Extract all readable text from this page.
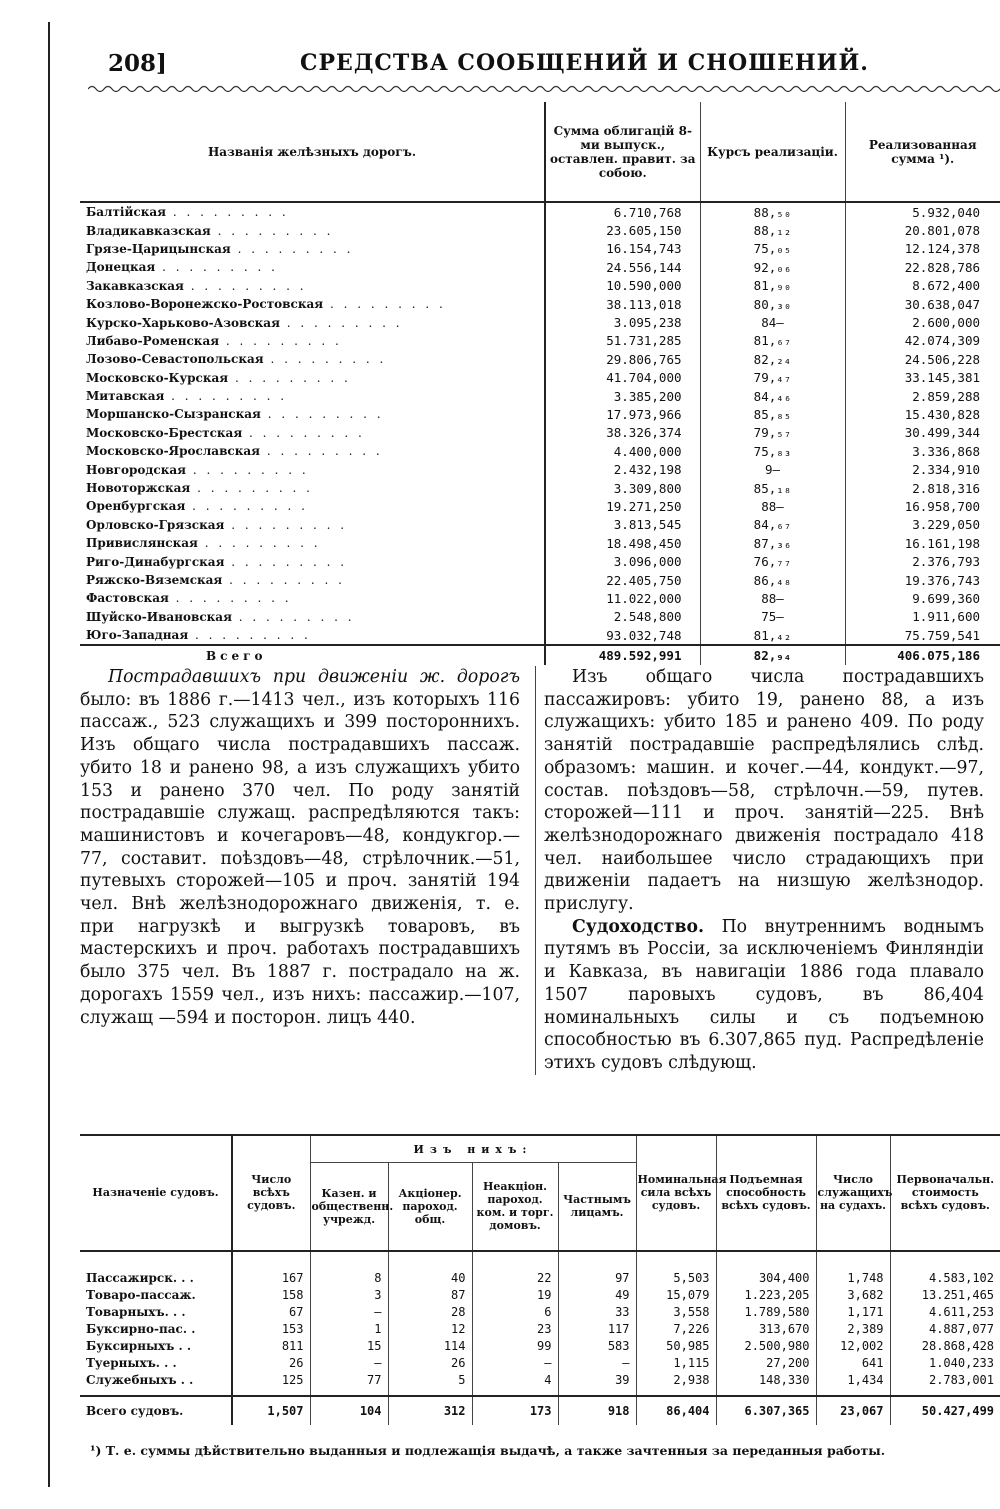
208]	СРЕДСТВА СООБЩЕНИЙ И СНОШЕНИЙ.
Названiя желѣзныхъ дорогъ.	Сумма облигацiй 8-ми выпуск., оставлен. правит. за собою.	Курсъ реализацiи.	Реализованная сумма ¹).
Балтiйская . . . . . . . . .	6.710,768	88,₅₀	5.932,040
Владикавказская . . . . . . . . .	23.605,150	88,₁₂	20.801,078
Грязе-Царицынская . . . . . . . . .	16.154,743	75,₀₅	12.124,378
Донецкая . . . . . . . . .	24.556,144	92,₀₆	22.828,786
Закавказская . . . . . . . . .	10.590,000	81,₉₀	8.672,400
Козлово-Воронежско-Ростовская . . . . . . . . .	38.113,018	80,₃₀	30.638,047
Курско-Харьково-Азовская . . . . . . . . .	3.095,238	84—	2.600,000
Либаво-Роменская . . . . . . . . .	51.731,285	81,₆₇	42.074,309
Лозово-Севастопольская . . . . . . . . .	29.806,765	82,₂₄	24.506,228
Московско-Курская . . . . . . . . .	41.704,000	79,₄₇	33.145,381
Митавская . . . . . . . . .	3.385,200	84,₄₆	2.859,288
Моршанско-Сызранская . . . . . . . . .	17.973,966	85,₈₅	15.430,828
Московско-Брестская . . . . . . . . .	38.326,374	79,₅₇	30.499,344
Московско-Ярославская . . . . . . . . .	4.400,000	75,₈₃	3.336,868
Новгородская . . . . . . . . .	2.432,198	9—	2.334,910
Новоторжская . . . . . . . . .	3.309,800	85,₁₈	2.818,316
Оренбургская . . . . . . . . .	19.271,250	88—	16.958,700
Орловско-Грязская . . . . . . . . .	3.813,545	84,₆₇	3.229,050
Привислянская . . . . . . . . .	18.498,450	87,₃₆	16.161,198
Риго-Динабургская . . . . . . . . .	3.096,000	76,₇₇	2.376,793
Ряжско-Вяземская . . . . . . . . .	22.405,750	86,₄₈	19.376,743
Фастовская . . . . . . . . .	11.022,000	88—	9.699,360
Шуйско-Ивановская . . . . . . . . .	2.548,800	75—	1.911,600
Юго-Западная . . . . . . . . .	93.032,748	81,₄₂	75.759,541
Всего	489.592,991	82,₉₄	406.075,186

Пострадавшихъ при движенiи ж. дорогъ было: въ 1886 г.—1413 чел., изъ которыхъ 116 пассаж., 523 служащихъ и 399 постороннихъ. Изъ общаго числа пострадавшихъ пассаж. убито 18 и ранено 98, а изъ служащихъ убито 153 и ранено 370 чел. По роду занятiй пострадавшiе служащ. распредѣляются такъ: машинистовъ и кочегаровъ—48, кондукгор.—77, составит. поѣздовъ—48, стрѣлочник.—51, путевыхъ сторожей—105 и проч. занятiй 194 чел. Внѣ желѣзнодорожнаго движенiя, т. е. при нагрузкѣ и выгрузкѣ товаровъ, въ мастерскихъ и проч. работахъ пострадавшихъ было 375 чел. Въ 1887 г. пострадало на ж. дорогахъ 1559 чел., изъ нихъ: пассажир.—107, служащ —594 и посторон. лицъ 440.

Изъ общаго числа пострадавшихъ пассажировъ: убито 19, ранено 88, а изъ служащихъ: убито 185 и ранено 409. По роду занятiй пострадавшiе распредѣлялись слѣд. образомъ: машин. и кочег.—44, кондукт.—97, состав. поѣздовъ—58, стрѣлочн.—59, путев. сторожей—111 и проч. занятiй—225. Внѣ желѣзнодорожнаго движенiя пострадало 418 чел. наибольшее число страдающихъ при движенiи падаетъ на низшую желѣзнодор. прислугу.

Судоходство. По внутреннимъ воднымъ путямъ въ Россiи, за исключенiемъ Финляндiи и Кавказа, въ навигацiи 1886 года плавало 1507 паровыхъ судовъ, въ 86,404 номинальныхъ силы и съ подъемною способностью въ 6.307,865 пуд. Распредѣленiе этихъ судовъ слѣдующ.

Назначенiе судовъ.	Число всѣхъ судовъ.	Изъ нихъ:				Номинальная сила всѣхъ судовъ.	Подъемная способность всѣхъ судовъ.	Число служащихъ на судахъ.	Первоначальн. стоимость всѣхъ судовъ.
		Казен. и общественн. учрежд.	Акцiонер. пароход. общ.	Неакцiон. пароход. ком. и торг. домовъ.	Частнымъ лицамъ.				
Пассажирск. . .	167	8	40	22	97	5,503	304,400	1,748	4.583,102
Товаро-пассаж.	158	3	87	19	49	15,079	1.223,205	3,682	13.251,465
Товарныхъ. . .	67	—	28	6	33	3,558	1.789,580	1,171	4.611,253
Буксирно-пас. .	153	1	12	23	117	7,226	313,670	2,389	4.887,077
Буксирныхъ . .	811	15	114	99	583	50,985	2.500,980	12,002	28.868,428
Туерныхъ. . .	26	—	26	—	—	1,115	27,200	641	1.040,233
Служебныхъ . .	125	77	5	4	39	2,938	148,330	1,434	2.783,001

Всего судовъ.	1,507	104	312	173	918	86,404	6.307,365	23,067	50.427,499
¹) Т. е. суммы дѣйствительно выданныя и подлежащiя выдачѣ, а также зачтенныя за переданныя работы.
